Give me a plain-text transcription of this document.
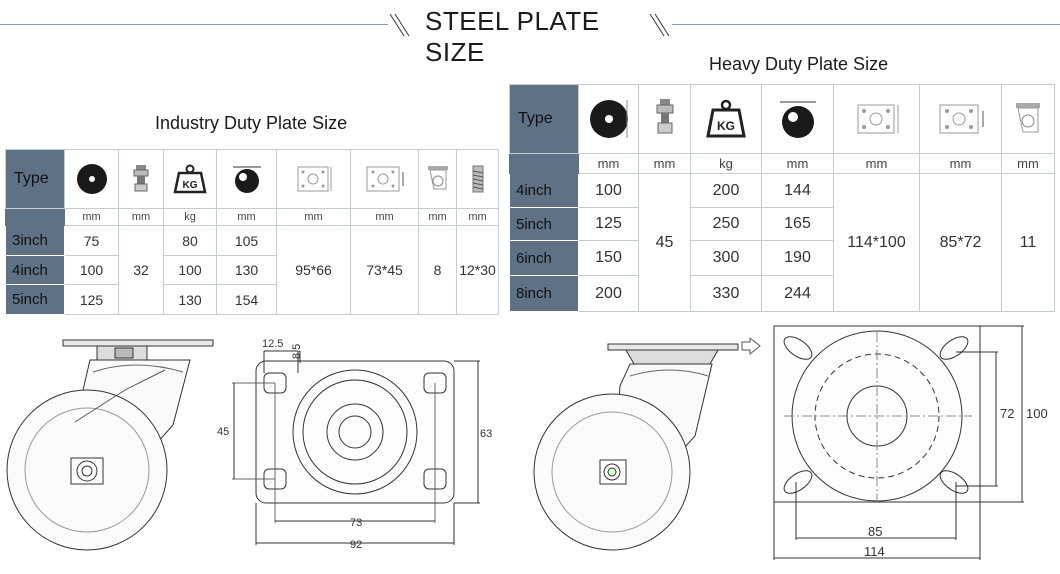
STEEL PLATE SIZE
Industry Duty Plate Size
Heavy Duty Plate Size
Type			KG

	mm	mm	kg	mm	mm	mm	mm	mm
3inch	75	32	80	105	95*66	73*45	8	12*30
4inch	100		100	130				
5inch	125		130	154				
Type			KG

	mm	mm	kg	mm	mm	mm	mm
4inch	100	45	200	144	114*100	85*72	11
5inch	125		250	165			
6inch	150		300	190			
8inch	200		330	244			
12.5 8.5
45	63
73
92
72 100
85
114
